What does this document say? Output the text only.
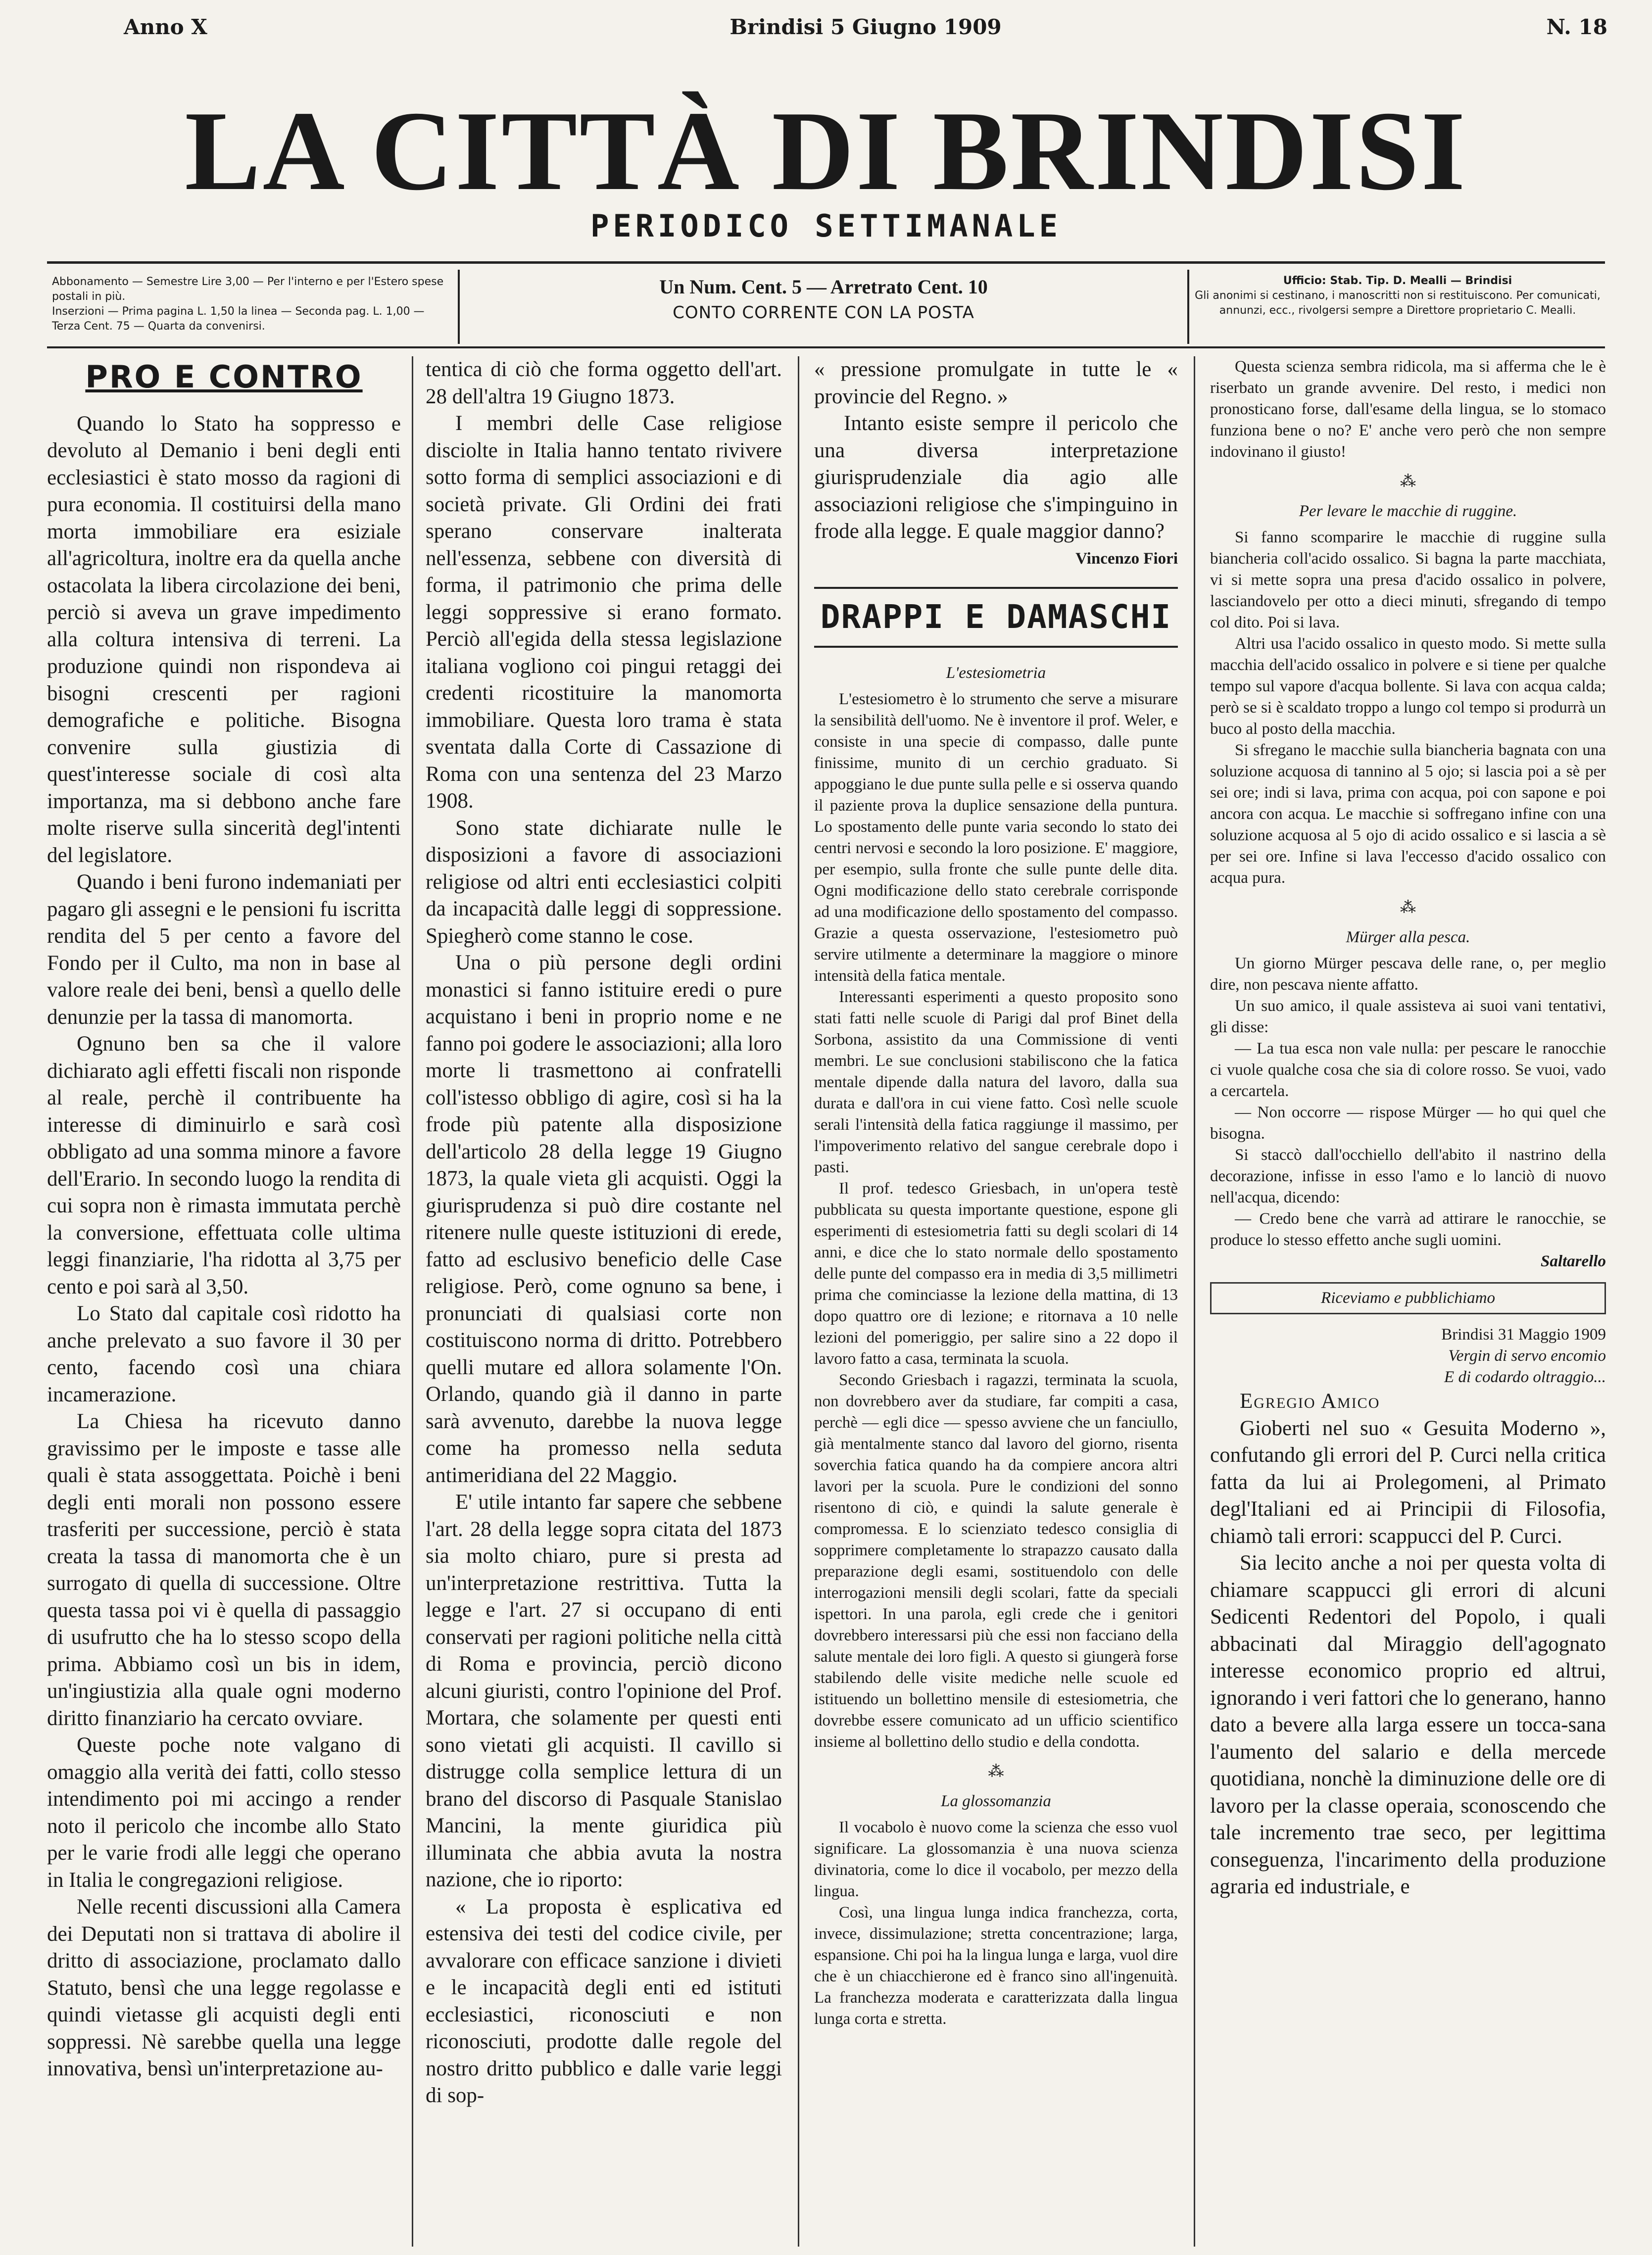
Anno X	Brindisi 5 Giugno 1909	N. 18
LA CITTÀ DI BRINDISI
PERIODICO SETTIMANALE
Abbonamento — Semestre Lire 3,00 — Per l'interno e per l'Estero spese postali in più.
Inserzioni — Prima pagina L. 1,50 la linea — Seconda pag. L. 1,00 — Terza Cent. 75 — Quarta da convenirsi.
Un Num. Cent. 5 — Arretrato Cent. 10
CONTO CORRENTE CON LA POSTA
Ufficio: Stab. Tip. D. Mealli — Brindisi
Gli anonimi si cestinano, i manoscritti non si restituiscono. Per comunicati, annunzi, ecc., rivolgersi sempre a Direttore proprietario C. Mealli.
PRO E CONTRO

Quando lo Stato ha soppresso e devoluto al Demanio i beni degli enti ecclesiastici è stato mosso da ragioni di pura economia. Il costituirsi della mano morta immobiliare era esiziale all'agricoltura, inoltre era da quella anche ostacolata la libera circolazione dei beni, perciò si aveva un grave impedimento alla coltura intensiva di terreni. La produzione quindi non rispondeva ai bisogni crescenti per ragioni demografiche e politiche. Bisogna convenire sulla giustizia di quest'interesse sociale di così alta importanza, ma si debbono anche fare molte riserve sulla sincerità degl'intenti del legislatore.

Quando i beni furono indemaniati per pagaro gli assegni e le pensioni fu iscritta rendita del 5 per cento a favore del Fondo per il Culto, ma non in base al valore reale dei beni, bensì a quello delle denunzie per la tassa di manomorta.

Ognuno ben sa che il valore dichiarato agli effetti fiscali non risponde al reale, perchè il contribuente ha interesse di diminuirlo e sarà così obbligato ad una somma minore a favore dell'Erario. In secondo luogo la rendita di cui sopra non è rimasta immutata perchè la conversione, effettuata colle ultima leggi finanziarie, l'ha ridotta al 3,75 per cento e poi sarà al 3,50.

Lo Stato dal capitale così ridotto ha anche prelevato a suo favore il 30 per cento, facendo così una chiara incamerazione.

La Chiesa ha ricevuto danno gravissimo per le imposte e tasse alle quali è stata assoggettata. Poichè i beni degli enti morali non possono essere trasferiti per successione, perciò è stata creata la tassa di manomorta che è un surrogato di quella di successione. Oltre questa tassa poi vi è quella di passaggio di usufrutto che ha lo stesso scopo della prima. Abbiamo così un bis in idem, un'ingiustizia alla quale ogni moderno diritto finanziario ha cercato ovviare.

Queste poche note valgano di omaggio alla verità dei fatti, collo stesso intendimento poi mi accingo a render noto il pericolo che incombe allo Stato per le varie frodi alle leggi che operano in Italia le congregazioni religiose.

Nelle recenti discussioni alla Camera dei Deputati non si trattava di abolire il dritto di associazione, proclamato dallo Statuto, bensì che una legge regolasse e quindi vietasse gli acquisti degli enti soppressi. Nè sarebbe quella una legge innovativa, bensì un'interpretazione au-

tentica di ciò che forma oggetto dell'art. 28 dell'altra 19 Giugno 1873.

I membri delle Case religiose disciolte in Italia hanno tentato rivivere sotto forma di semplici associazioni e di società private. Gli Ordini dei frati sperano conservare inalterata nell'essenza, sebbene con diversità di forma, il patrimonio che prima delle leggi soppressive si erano formato. Perciò all'egida della stessa legislazione italiana vogliono coi pingui retaggi dei credenti ricostituire la manomorta immobiliare. Questa loro trama è stata sventata dalla Corte di Cassazione di Roma con una sentenza del 23 Marzo 1908.

Sono state dichiarate nulle le disposizioni a favore di associazioni religiose od altri enti ecclesiastici colpiti da incapacità dalle leggi di soppressione. Spiegherò come stanno le cose.

Una o più persone degli ordini monastici si fanno istituire eredi o pure acquistano i beni in proprio nome e ne fanno poi godere le associazioni; alla loro morte li trasmettono ai confratelli coll'istesso obbligo di agire, così si ha la frode più patente alla disposizione dell'articolo 28 della legge 19 Giugno 1873, la quale vieta gli acquisti. Oggi la giurisprudenza si può dire costante nel ritenere nulle queste istituzioni di erede, fatto ad esclusivo beneficio delle Case religiose. Però, come ognuno sa bene, i pronunciati di qualsiasi corte non costituiscono norma di dritto. Potrebbero quelli mutare ed allora solamente l'On. Orlando, quando già il danno in parte sarà avvenuto, darebbe la nuova legge come ha promesso nella seduta antimeridiana del 22 Maggio.

E' utile intanto far sapere che sebbene l'art. 28 della legge sopra citata del 1873 sia molto chiaro, pure si presta ad un'interpretazione restrittiva. Tutta la legge e l'art. 27 si occupano di enti conservati per ragioni politiche nella città di Roma e provincia, perciò dicono alcuni giuristi, contro l'opinione del Prof. Mortara, che solamente per questi enti sono vietati gli acquisti. Il cavillo si distrugge colla semplice lettura di un brano del discorso di Pasquale Stanislao Mancini, la mente giuridica più illuminata che abbia avuta la nostra nazione, che io riporto:

« La proposta è esplicativa ed estensiva dei testi del codice civile, per avvalorare con efficace sanzione i divieti e le incapacità degli enti ed istituti ecclesiastici, riconosciuti e non riconosciuti, prodotte dalle regole del nostro dritto pubblico e dalle varie leggi di sop-

« pressione promulgate in tutte le « provincie del Regno. »

Intanto esiste sempre il pericolo che una diversa interpretazione giurisprudenziale dia agio alle associazioni religiose che s'impinguino in frode alla legge. E quale maggior danno?

Vincenzo Fiori
DRAPPI E DAMASCHI
L'estesiometria

L'estesiometro è lo strumento che serve a misurare la sensibilità dell'uomo. Ne è inventore il prof. Weler, e consiste in una specie di compasso, dalle punte finissime, munito di un cerchio graduato. Si appoggiano le due punte sulla pelle e si osserva quando il paziente prova la duplice sensazione della puntura. Lo spostamento delle punte varia secondo lo stato dei centri nervosi e secondo la loro posizione. E' maggiore, per esempio, sulla fronte che sulle punte delle dita. Ogni modificazione dello stato cerebrale corrisponde ad una modificazione dello spostamento del compasso. Grazie a questa osservazione, l'estesiometro può servire utilmente a determinare la maggiore o minore intensità della fatica mentale.

Interessanti esperimenti a questo proposito sono stati fatti nelle scuole di Parigi dal prof Binet della Sorbona, assistito da una Commissione di venti membri. Le sue conclusioni stabiliscono che la fatica mentale dipende dalla natura del lavoro, dalla sua durata e dall'ora in cui viene fatto. Così nelle scuole serali l'intensità della fatica raggiunge il massimo, per l'impoverimento relativo del sangue cerebrale dopo i pasti.

Il prof. tedesco Griesbach, in un'opera testè pubblicata su questa importante questione, espone gli esperimenti di estesiometria fatti su degli scolari di 14 anni, e dice che lo stato normale dello spostamento delle punte del compasso era in media di 3,5 millimetri prima che cominciasse la lezione della mattina, di 13 dopo quattro ore di lezione; e ritornava a 10 nelle lezioni del pomeriggio, per salire sino a 22 dopo il lavoro fatto a casa, terminata la scuola.

Secondo Griesbach i ragazzi, terminata la scuola, non dovrebbero aver da studiare, far compiti a casa, perchè — egli dice — spesso avviene che un fanciullo, già mentalmente stanco dal lavoro del giorno, risenta soverchia fatica quando ha da compiere ancora altri lavori per la scuola. Pure le condizioni del sonno risentono di ciò, e quindi la salute generale è compromessa. E lo scienziato tedesco consiglia di sopprimere completamente lo strapazzo causato dalla preparazione degli esami, sostituendolo con delle interrogazioni mensili degli scolari, fatte da speciali ispettori. In una parola, egli crede che i genitori dovrebbero interessarsi più che essi non facciano della salute mentale dei loro figli. A questo si giungerà forse stabilendo delle visite mediche nelle scuole ed istituendo un bollettino mensile di estesiometria, che dovrebbe essere comunicato ad un ufficio scientifico insieme al bollettino dello studio e della condotta.

⁂
La glossomanzia

Il vocabolo è nuovo come la scienza che esso vuol significare. La glossomanzia è una nuova scienza divinatoria, come lo dice il vocabolo, per mezzo della lingua.

Così, una lingua lunga indica franchezza, corta, invece, dissimulazione; stretta concentrazione; larga, espansione. Chi poi ha la lingua lunga e larga, vuol dire che è un chiacchierone ed è franco sino all'ingenuità. La franchezza moderata e caratterizzata dalla lingua lunga corta e stretta.

Questa scienza sembra ridicola, ma si afferma che le è riserbato un grande avvenire. Del resto, i medici non pronosticano forse, dall'esame della lingua, se lo stomaco funziona bene o no? E' anche vero però che non sempre indovinano il giusto!

⁂
Per levare le macchie di ruggine.

Si fanno scomparire le macchie di ruggine sulla biancheria coll'acido ossalico. Si bagna la parte macchiata, vi si mette sopra una presa d'acido ossalico in polvere, lasciandovelo per otto a dieci minuti, sfregando di tempo col dito. Poi si lava.

Altri usa l'acido ossalico in questo modo. Si mette sulla macchia dell'acido ossalico in polvere e si tiene per qualche tempo sul vapore d'acqua bollente. Si lava con acqua calda; però se si è scaldato troppo a lungo col tempo si produrrà un buco al posto della macchia.

Si sfregano le macchie sulla biancheria bagnata con una soluzione acquosa di tannino al 5 ojo; si lascia poi a sè per sei ore; indi si lava, prima con acqua, poi con sapone e poi ancora con acqua. Le macchie si soffregano infine con una soluzione acquosa al 5 ojo di acido ossalico e si lascia a sè per sei ore. Infine si lava l'eccesso d'acido ossalico con acqua pura.

⁂
Mürger alla pesca.

Un giorno Mürger pescava delle rane, o, per meglio dire, non pescava niente affatto.

Un suo amico, il quale assisteva ai suoi vani tentativi, gli disse:

— La tua esca non vale nulla: per pescare le ranocchie ci vuole qualche cosa che sia di colore rosso. Se vuoi, vado a cercartela.

— Non occorre — rispose Mürger — ho qui quel che bisogna.

Si staccò dall'occhiello dell'abito il nastrino della decorazione, infisse in esso l'amo e lo lanciò di nuovo nell'acqua, dicendo:

— Credo bene che varrà ad attirare le ranocchie, se produce lo stesso effetto anche sugli uomini.

Saltarello
Riceviamo e pubblichiamo
Brindisi 31 Maggio 1909
Vergin di servo encomio
E di codardo oltraggio...

Egregio Amico

Gioberti nel suo « Gesuita Moderno », confutando gli errori del P. Curci nella critica fatta da lui ai Prolegomeni, al Primato degl'Italiani ed ai Principii di Filosofia, chiamò tali errori: scappucci del P. Curci.

Sia lecito anche a noi per questa volta di chiamare scappucci gli errori di alcuni Sedicenti Redentori del Popolo, i quali abbacinati dal Miraggio dell'agognato interesse economico proprio ed altrui, ignorando i veri fattori che lo generano, hanno dato a bevere alla larga essere un tocca-sana l'aumento del salario e della mercede quotidiana, nonchè la diminuzione delle ore di lavoro per la classe operaia, sconoscendo che tale incremento trae seco, per legittima conseguenza, l'incarimento della produzione agraria ed industriale, e
